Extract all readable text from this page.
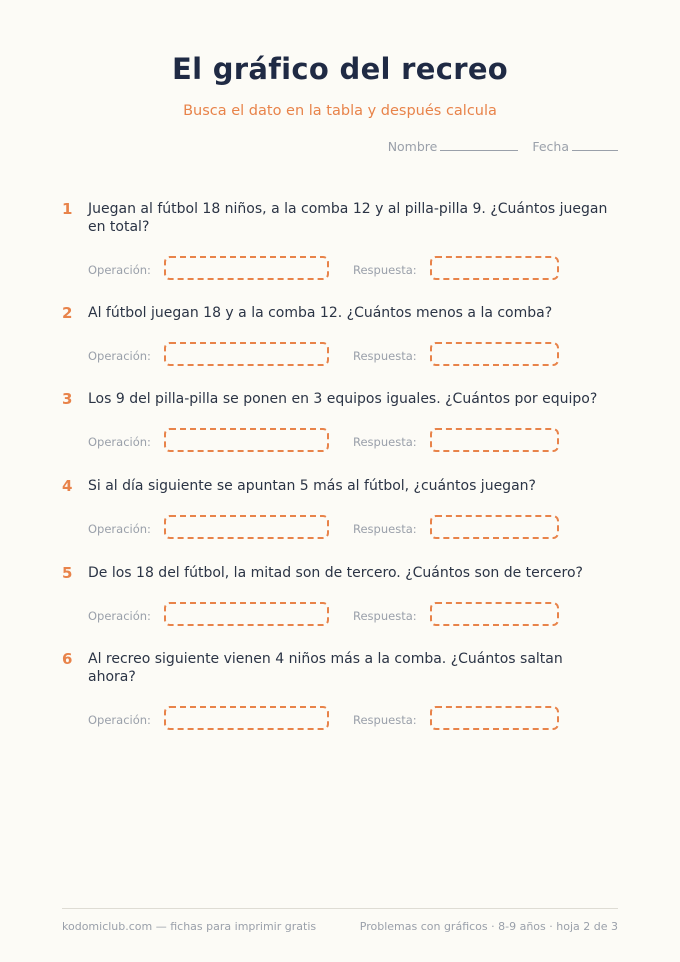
El gráfico del recreo
Busca el dato en la tabla y después calcula
Nombre	Fecha
1 Juegan al fútbol 18 niños, a la comba 12 y al pilla-pilla 9. ¿Cuántos juegan en total?
Operación:	Respuesta:
2 Al fútbol juegan 18 y a la comba 12. ¿Cuántos menos a la comba?
Operación:	Respuesta:
3 Los 9 del pilla-pilla se ponen en 3 equipos iguales. ¿Cuántos por equipo?
Operación:	Respuesta:
4 Si al día siguiente se apuntan 5 más al fútbol, ¿cuántos juegan?
Operación:	Respuesta:
5 De los 18 del fútbol, la mitad son de tercero. ¿Cuántos son de tercero?
Operación:	Respuesta:
6 Al recreo siguiente vienen 4 niños más a la comba. ¿Cuántos saltan ahora?
Operación:	Respuesta:
kodomiclub.com — fichas para imprimir gratis	Problemas con gráficos · 8-9 años · hoja 2 de 3
